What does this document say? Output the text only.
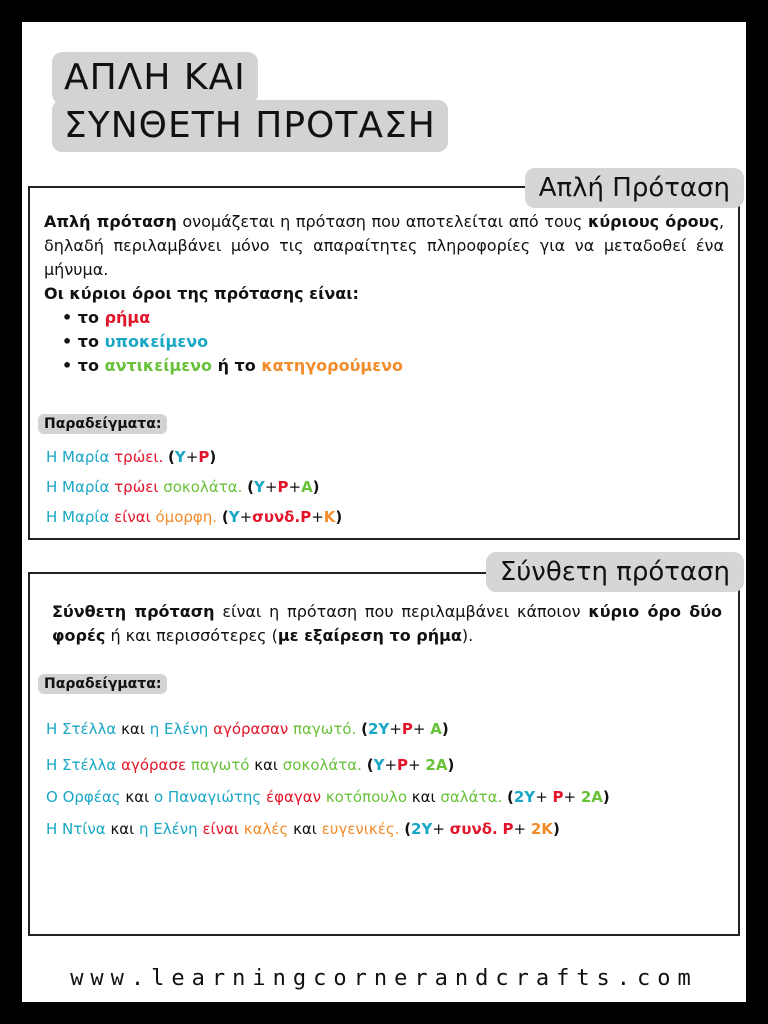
ΑΠΛΗ ΚΑΙ
ΣΥΝΘΕΤΗ ΠΡΟΤΑΣΗ
Απλή Πρόταση
Απλή πρόταση ονομάζεται η πρόταση που αποτελείται από τους κύριους όρους, δηλαδή περιλαμβάνει μόνο τις απαραίτητες πληροφορίες για να μεταδοθεί ένα μήνυμα.
Οι κύριοι όροι της πρότασης είναι:
• το ρήμα
• το υποκείμενο
• το αντικείμενο ή το κατηγορούμενο
Παραδείγματα:
Η Μαρία τρώει. (Y+P)
Η Μαρία τρώει σοκολάτα. (Y+P+A)
Η Μαρία είναι όμορφη. (Y+συνδ.P+K)
Σύνθετη πρόταση
Σύνθετη πρόταση είναι η πρόταση που περιλαμβάνει κάποιον κύριο όρο δύο φορές ή και περισσότερες (με εξαίρεση το ρήμα).
Παραδείγματα:
Η Στέλλα και η Ελένη αγόρασαν παγωτό. (2Y+P+ A)
Η Στέλλα αγόρασε παγωτό και σοκολάτα. (Y+P+ 2A)
Ο Ορφέας και ο Παναγιώτης έφαγαν κοτόπουλο και σαλάτα. (2Y+ P+ 2A)
Η Ντίνα και η Ελένη είναι καλές και ευγενικές. (2Y+ συνδ. P+ 2K)
www.learningcornerandcrafts.com
